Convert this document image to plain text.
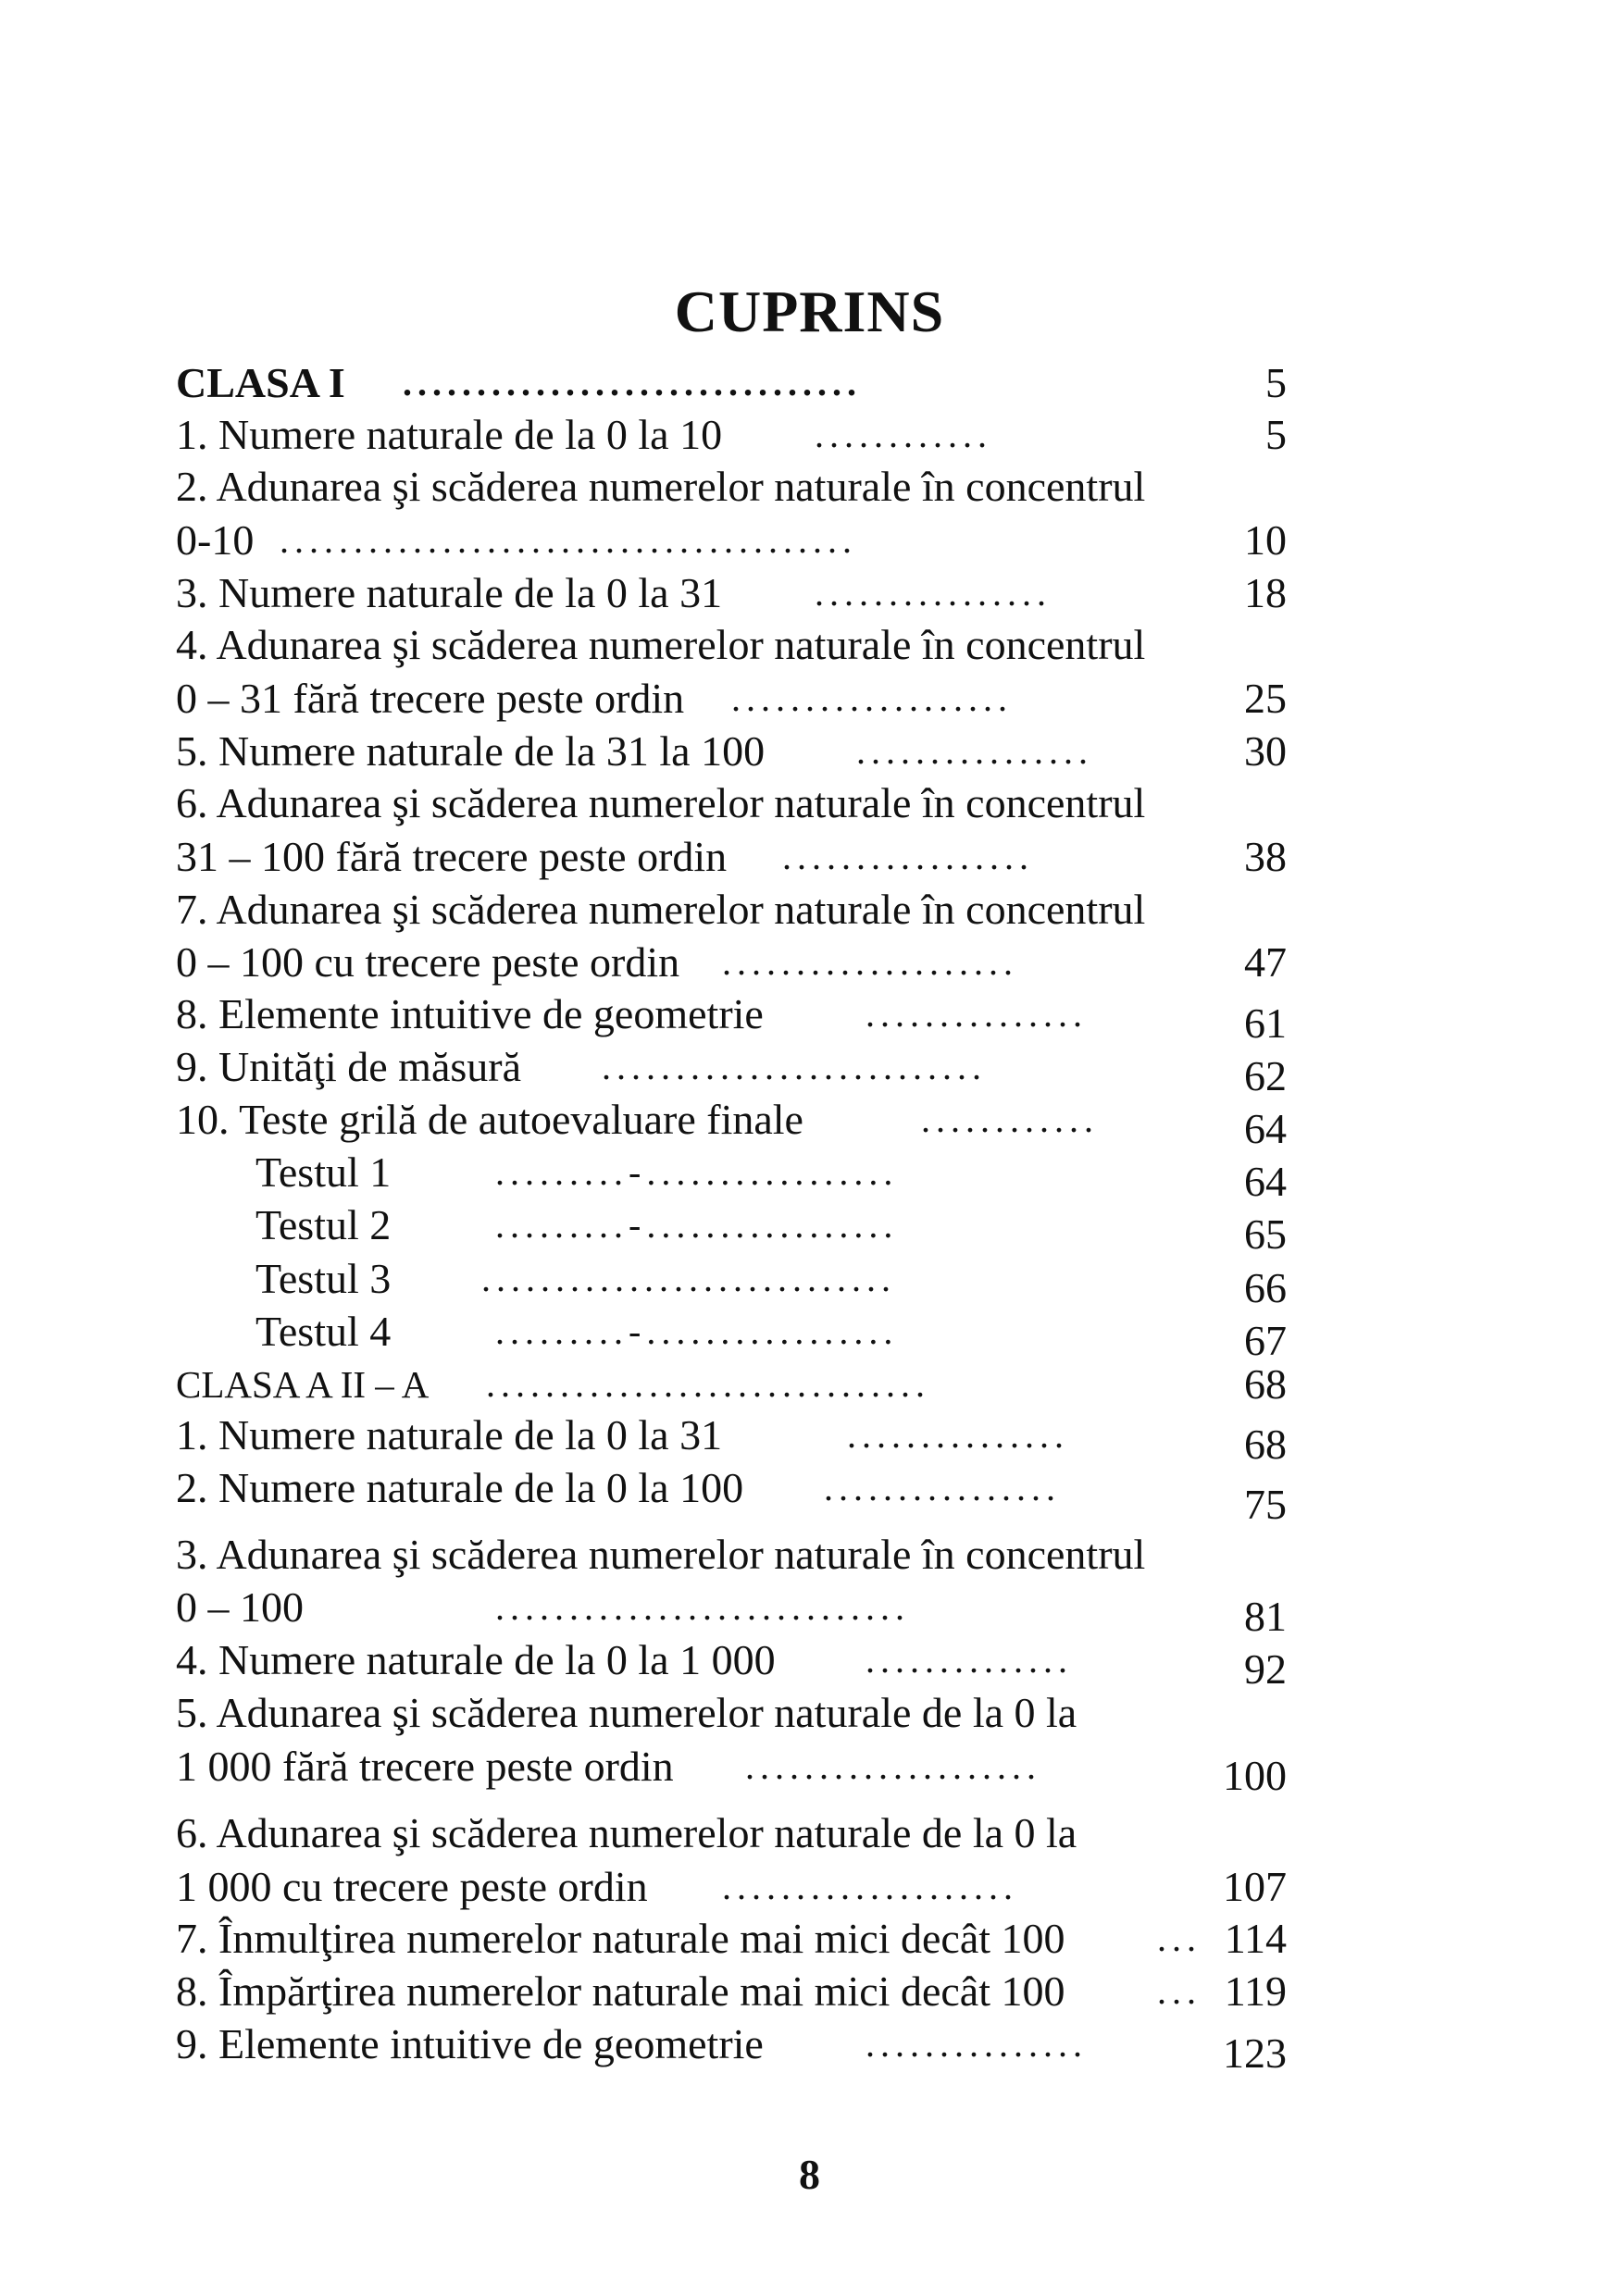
CUPRINS
CLASA I ...............................	5
1. Numere naturale de la 0 la 10 ............	5
2. Adunarea şi scăderea numerelor naturale în concentrul
0-10 .......................................	10
3. Numere naturale de la 0 la 31 ................	18
4. Adunarea şi scăderea numerelor naturale în concentrul
0 – 31 fără trecere peste ordin ...................	25
5. Numere naturale de la 31 la 100 ................	30
6. Adunarea şi scăderea numerelor naturale în concentrul
31 – 100 fără trecere peste ordin .................	38
7. Adunarea şi scăderea numerelor naturale în concentrul
0 – 100 cu trecere peste ordin ....................	47
8. Elemente intuitive de geometrie	...............	61
9. Unităţi de măsură ..........................	62
10. Teste grilă de autoevaluare finale	............	64
Testul 1	.........-.................	64
Testul 2	.........-.................	65
Testul 3 ............................	66
Testul 4	.........-.................	67
CLASA A II – A ..............................	68
1. Numere naturale de la 0 la 31	...............	68
2. Numere naturale de la 0 la 100 ................	75
3. Adunarea şi scăderea numerelor naturale în concentrul
0 – 100	............................	81
4. Numere naturale de la 0 la 1 000 ..............	92
5. Adunarea şi scăderea numerelor naturale de la 0 la
1 000 fără trecere peste ordin ....................	100
6. Adunarea şi scăderea numerelor naturale de la 0 la
1 000 cu trecere peste ordin ....................	107
7. Înmulţirea numerelor naturale mai mici decât 100 ... 114
8. Împărţirea numerelor naturale mai mici decât 100 ... 119
9. Elemente intuitive de geometrie	...............	123
8
